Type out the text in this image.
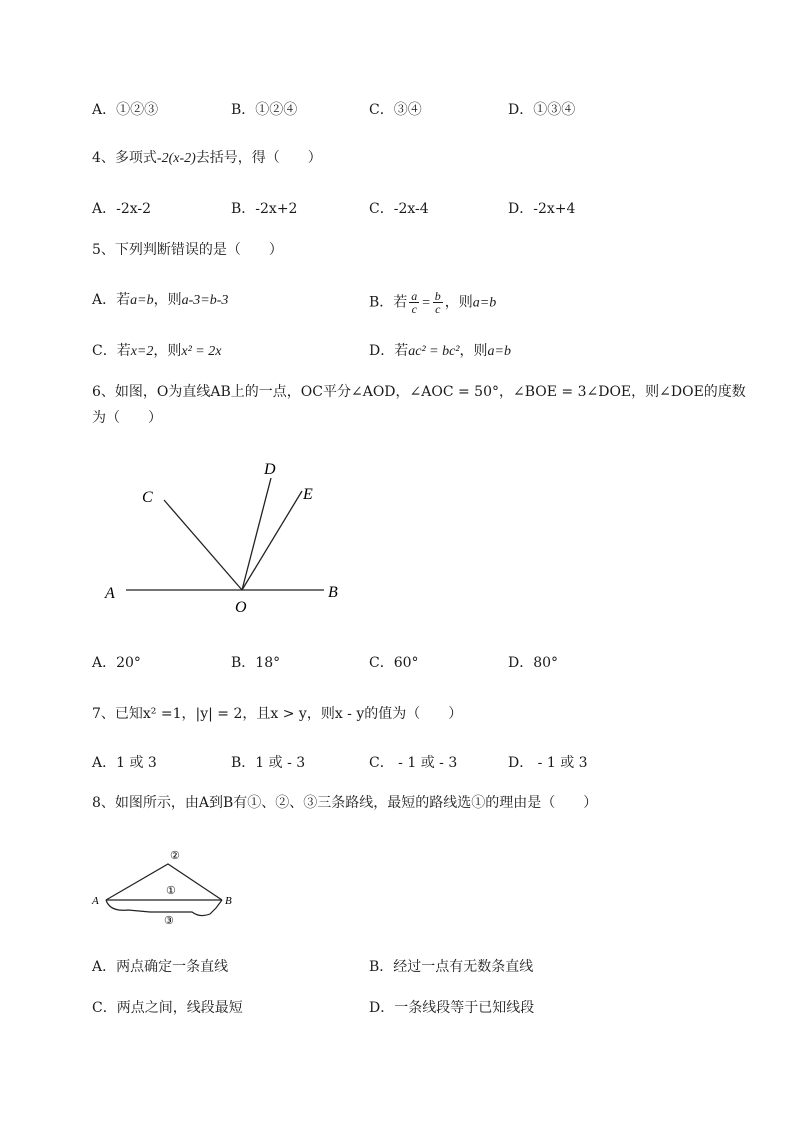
A．①②③	B．①②④	C．③④	D．①③④
4、多项式-2(x-2)去括号，得（　　）
A．-2x-2	B．-2x+2	C．-2x-4	D．-2x+4
5、下列判断错误的是（　　）
A．若a=b，则a-3=b-3	B．若 $\frac{a}{c} = \frac{b}{c}$ ，则a=b
C．若x=2，则x² = 2x	D．若ac² = bc²，则a=b
6、如图，O为直线AB上的一点，OC平分∠AOD，∠AOC = 50°，∠BOE = 3∠DOE，则∠DOE的度数
为（　　）
A	B
C
D
E
O
A．20°	B．18°	C．60°	D．80°
7、已知x² =1，|y| = 2，且x > y，则x - y的值为（　　）
A．1 或 3	B．1 或 - 3	C． - 1 或 - 3	D． - 1 或 3
8、如图所示，由A到B有①、②、③三条路线，最短的路线选①的理由是（　　）
A	B
②
①
③
A．两点确定一条直线	B．经过一点有无数条直线
C．两点之间，线段最短	D．一条线段等于已知线段
